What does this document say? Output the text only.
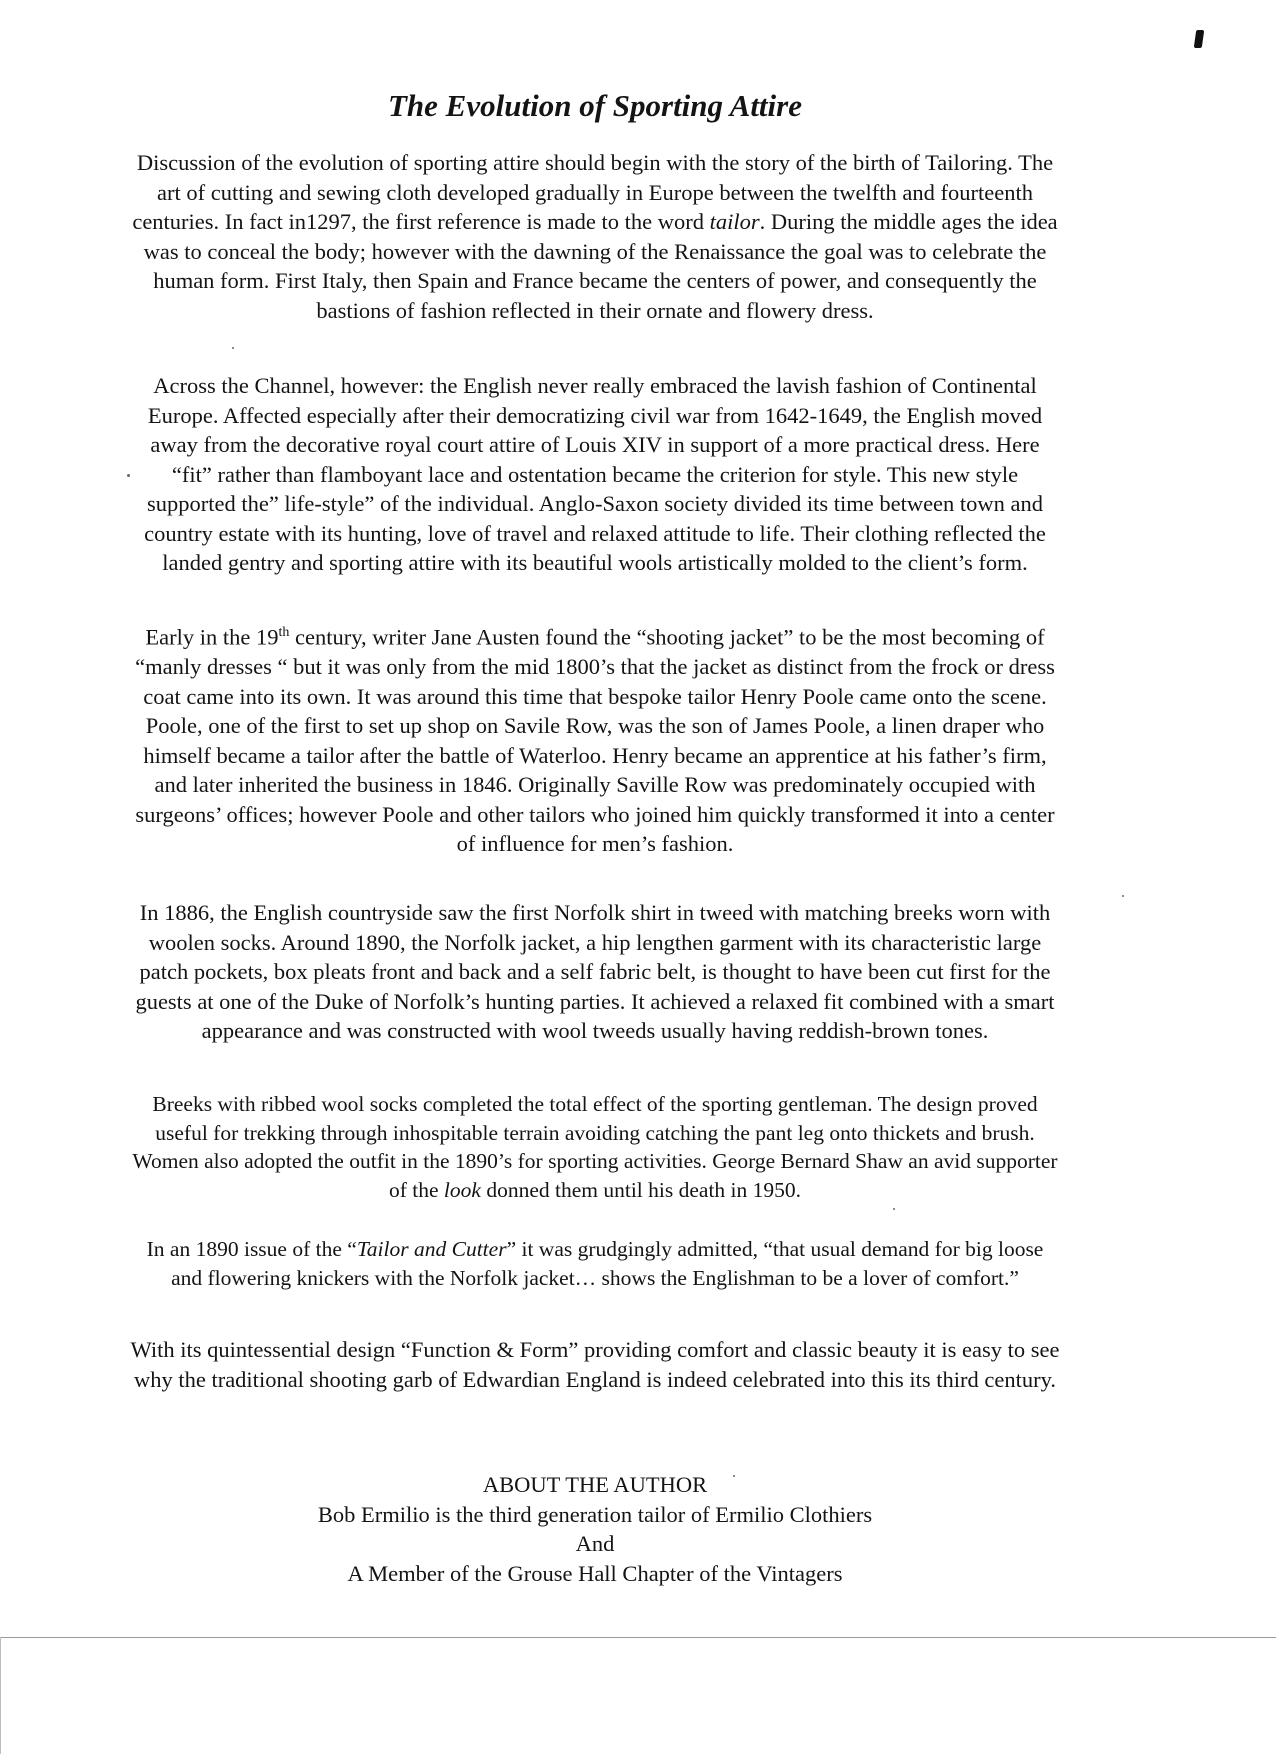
The Evolution of Sporting Attire

Discussion of the evolution of sporting attire should begin with the story of the birth of Tailoring. The art of cutting and sewing cloth developed gradually in Europe between the twelfth and fourteenth centuries. In fact in1297, the first reference is made to the word tailor. During the middle ages the idea was to conceal the body; however with the dawning of the Renaissance the goal was to celebrate the human form. First Italy, then Spain and France became the centers of power, and consequently the bastions of fashion reflected in their ornate and flowery dress.

Across the Channel, however: the English never really embraced the lavish fashion of Continental Europe. Affected especially after their democratizing civil war from 1642-1649, the English moved away from the decorative royal court attire of Louis XIV in support of a more practical dress. Here “fit” rather than flamboyant lace and ostentation became the criterion for style. This new style supported the” life-style” of the individual. Anglo-Saxon society divided its time between town and country estate with its hunting, love of travel and relaxed attitude to life. Their clothing reflected the landed gentry and sporting attire with its beautiful wools artistically molded to the client’s form.

Early in the 19th century, writer Jane Austen found the “shooting jacket” to be the most becoming of “manly dresses “ but it was only from the mid 1800’s that the jacket as distinct from the frock or dress coat came into its own. It was around this time that bespoke tailor Henry Poole came onto the scene. Poole, one of the first to set up shop on Savile Row, was the son of James Poole, a linen draper who himself became a tailor after the battle of Waterloo. Henry became an apprentice at his father’s firm, and later inherited the business in 1846. Originally Saville Row was predominately occupied with surgeons’ offices; however Poole and other tailors who joined him quickly transformed it into a center of influence for men’s fashion.

In 1886, the English countryside saw the first Norfolk shirt in tweed with matching breeks worn with woolen socks. Around 1890, the Norfolk jacket, a hip lengthen garment with its characteristic large patch pockets, box pleats front and back and a self fabric belt, is thought to have been cut first for the guests at one of the Duke of Norfolk’s hunting parties. It achieved a relaxed fit combined with a smart appearance and was constructed with wool tweeds usually having reddish-brown tones.

Breeks with ribbed wool socks completed the total effect of the sporting gentleman. The design proved useful for trekking through inhospitable terrain avoiding catching the pant leg onto thickets and brush. Women also adopted the outfit in the 1890’s for sporting activities. George Bernard Shaw an avid supporter of the look donned them until his death in 1950.

In an 1890 issue of the “Tailor and Cutter” it was grudgingly admitted, “that usual demand for big loose and flowering knickers with the Norfolk jacket… shows the Englishman to be a lover of comfort.”

With its quintessential design “Function & Form” providing comfort and classic beauty it is easy to see why the traditional shooting garb of Edwardian England is indeed celebrated into this its third century.

ABOUT THE AUTHOR
Bob Ermilio is the third generation tailor of Ermilio Clothiers
And
A Member of the Grouse Hall Chapter of the Vintagers
